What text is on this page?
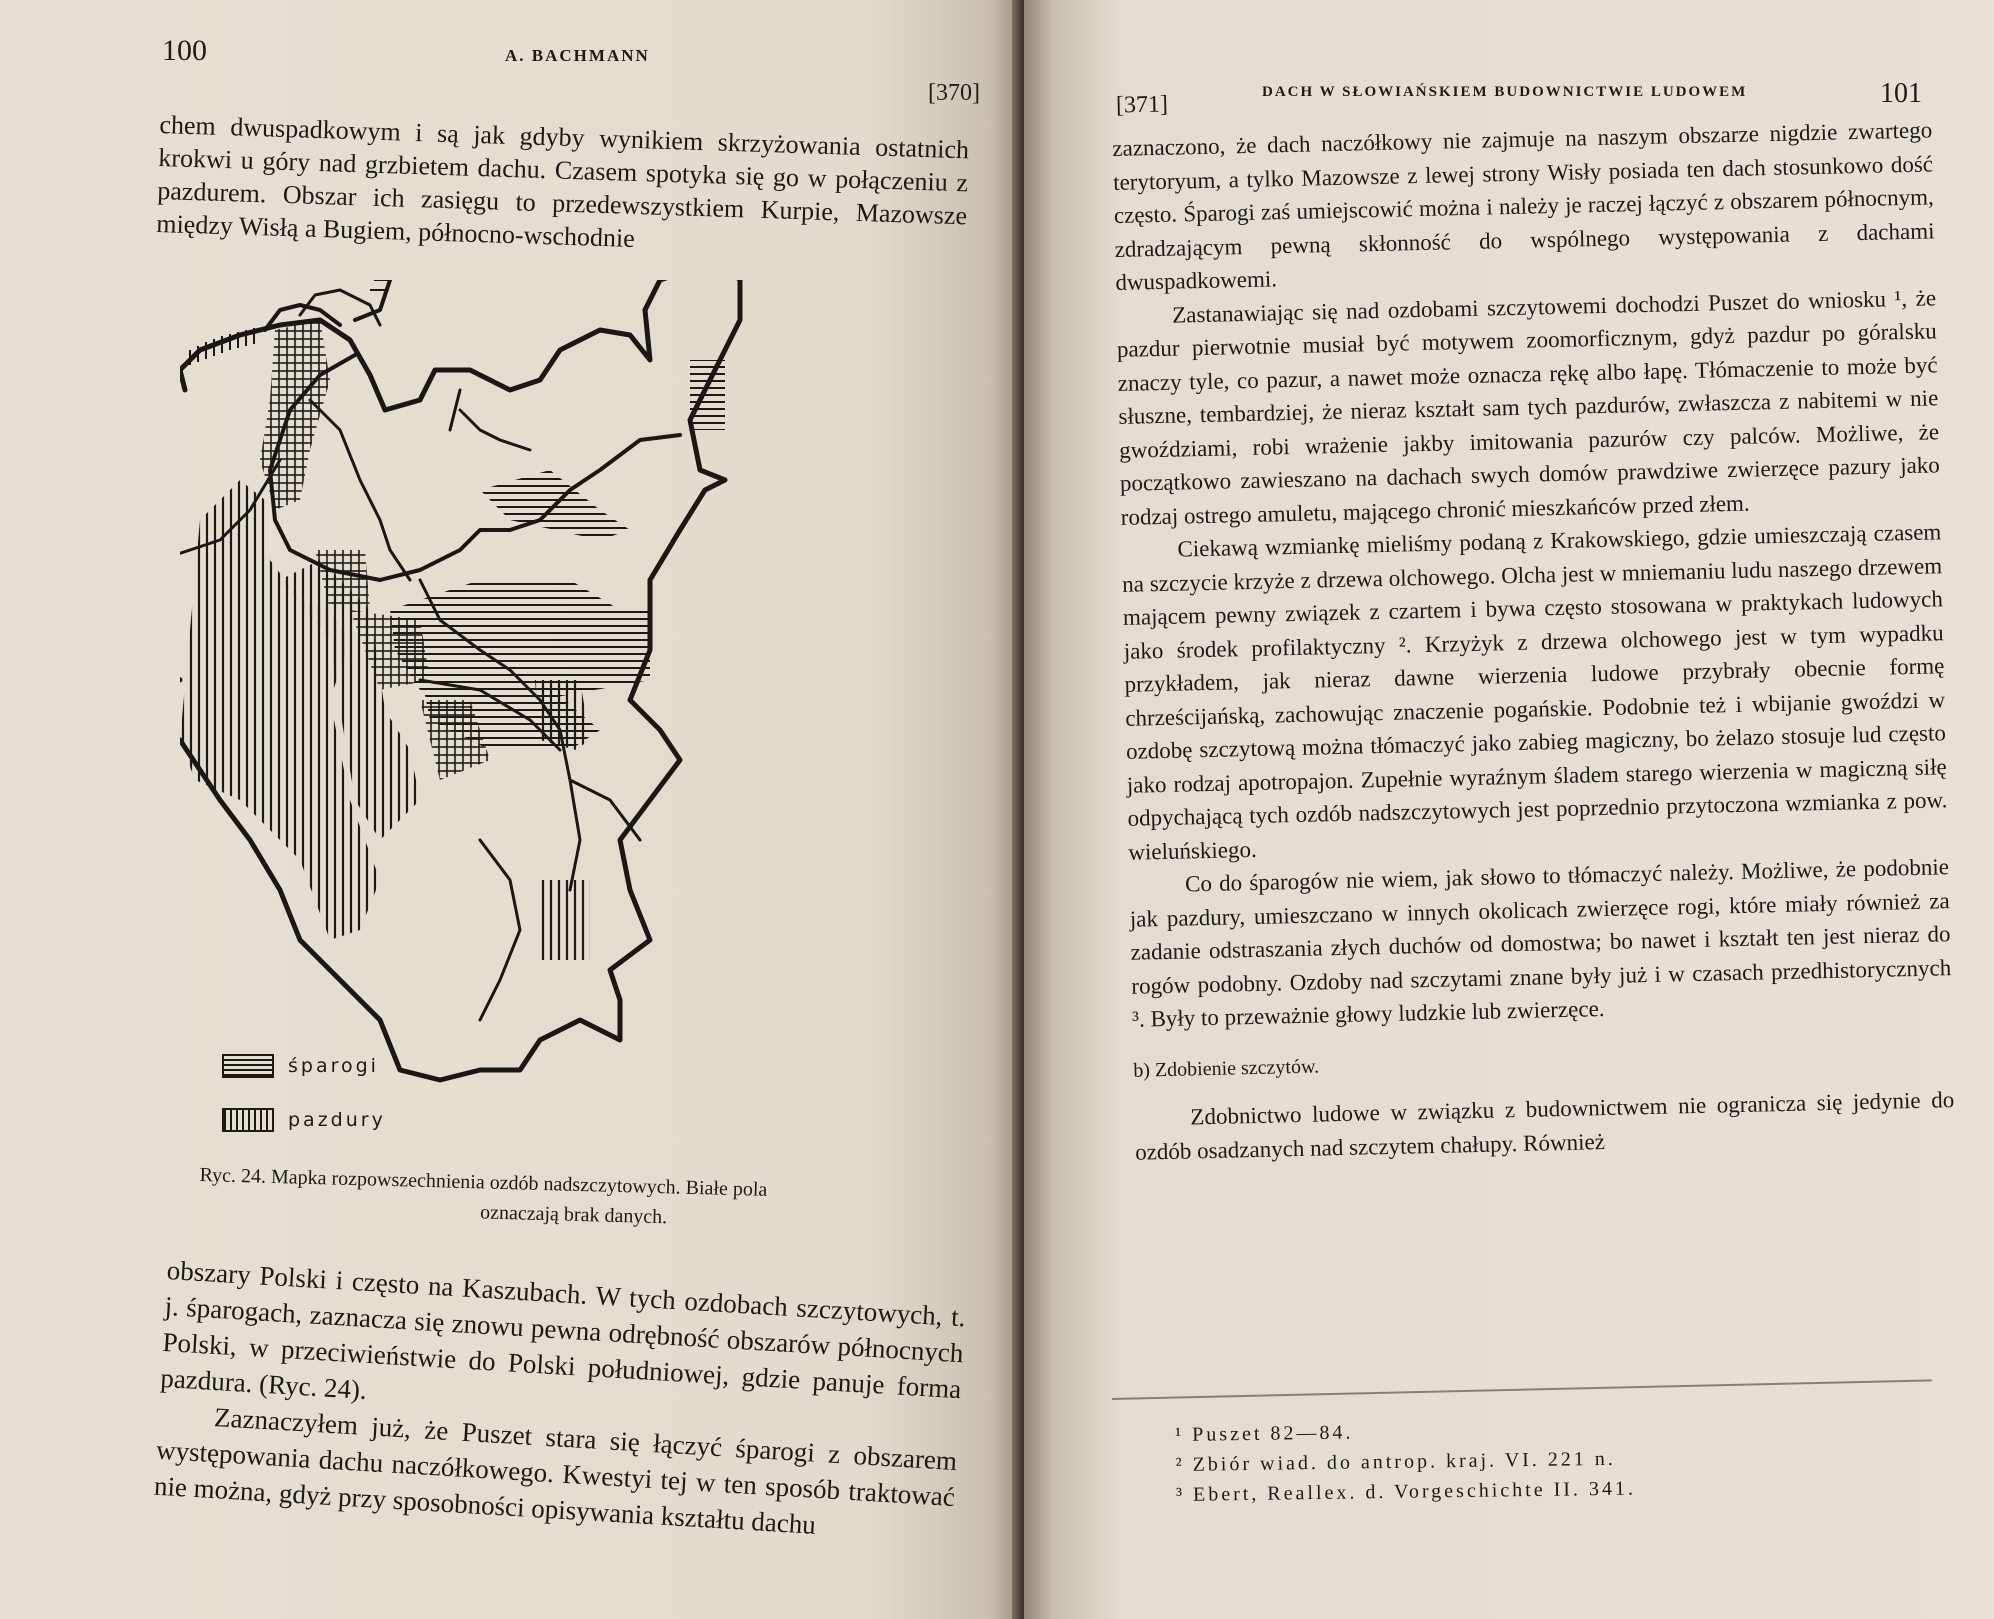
100	A. BACHMANN
[370]

chem dwuspadkowym i są jak gdyby wynikiem skrzyżowania ostatnich krokwi u góry nad grzbietem dachu. Czasem spotyka się go w połączeniu z pazdurem. Obszar ich zasięgu to przedewszystkiem Kurpie, Mazowsze między Wisłą a Bugiem, północno-wschodnie

śparogi
pazdury
Ryc. 24. Mapka rozpowszechnienia ozdób nadszczytowych. Białe pola
oznaczają brak danych.

obszary Polski i często na Kaszubach. W tych ozdobach szczytowych, t. j. śparogach, zaznacza się znowu pewna odrębność obszarów północnych Polski, w przeciwieństwie do Polski południowej, gdzie panuje forma pazdura. (Ryc. 24).

Zaznaczyłem już, że Puszet stara się łączyć śparogi z obszarem występowania dachu naczółkowego. Kwestyi tej w ten sposób traktować nie można, gdyż przy sposobności opisywania kształtu dachu

[371]	DACH W SŁOWIAŃSKIEM BUDOWNICTWIE LUDOWEM	101

zaznaczono, że dach naczółkowy nie zajmuje na naszym obszarze nigdzie zwartego terytoryum, a tylko Mazowsze z lewej strony Wisły posiada ten dach stosunkowo dość często. Śparogi zaś umiejscowić można i należy je raczej łączyć z obszarem północnym, zdradzającym pewną skłonność do wspólnego występowania z dachami dwuspadkowemi.

Zastanawiając się nad ozdobami szczytowemi dochodzi Puszet do wniosku ¹, że pazdur pierwotnie musiał być motywem zoomorficznym, gdyż pazdur po góralsku znaczy tyle, co pazur, a nawet może oznacza rękę albo łapę. Tłómaczenie to może być słuszne, tembardziej, że nieraz kształt sam tych pazdurów, zwłaszcza z nabitemi w nie gwoździami, robi wrażenie jakby imitowania pazurów czy palców. Możliwe, że początkowo zawieszano na dachach swych domów prawdziwe zwierzęce pazury jako rodzaj ostrego amuletu, mającego chronić mieszkańców przed złem.

Ciekawą wzmiankę mieliśmy podaną z Krakowskiego, gdzie umieszczają czasem na szczycie krzyże z drzewa olchowego. Olcha jest w mniemaniu ludu naszego drzewem mającem pewny związek z czartem i bywa często stosowana w praktykach ludowych jako środek profilaktyczny ². Krzyżyk z drzewa olchowego jest w tym wypadku przykładem, jak nieraz dawne wierzenia ludowe przybrały obecnie formę chrześcijańską, zachowując znaczenie pogańskie. Podobnie też i wbijanie gwoździ w ozdobę szczytową można tłómaczyć jako zabieg magiczny, bo żelazo stosuje lud często jako rodzaj apotropajon. Zupełnie wyraźnym śladem starego wierzenia w magiczną siłę odpychającą tych ozdób nadszczytowych jest poprzednio przytoczona wzmianka z pow. wieluńskiego.

Co do śparogów nie wiem, jak słowo to tłómaczyć należy. Możliwe, że podobnie jak pazdury, umieszczano w innych okolicach zwierzęce rogi, które miały również za zadanie odstraszania złych duchów od domostwa; bo nawet i kształt ten jest nieraz do rogów podobny. Ozdoby nad szczytami znane były już i w czasach przedhistorycznych ³. Były to przeważnie głowy ludzkie lub zwierzęce.

b) Zdobienie szczytów.

Zdobnictwo ludowe w związku z budownictwem nie ogranicza się jedynie do ozdób osadzanych nad szczytem chałupy. Również

¹ Puszet 82—84.
² Zbiór wiad. do antrop. kraj. VI. 221 n.
³ Ebert, Reallex. d. Vorgeschichte II. 341.
